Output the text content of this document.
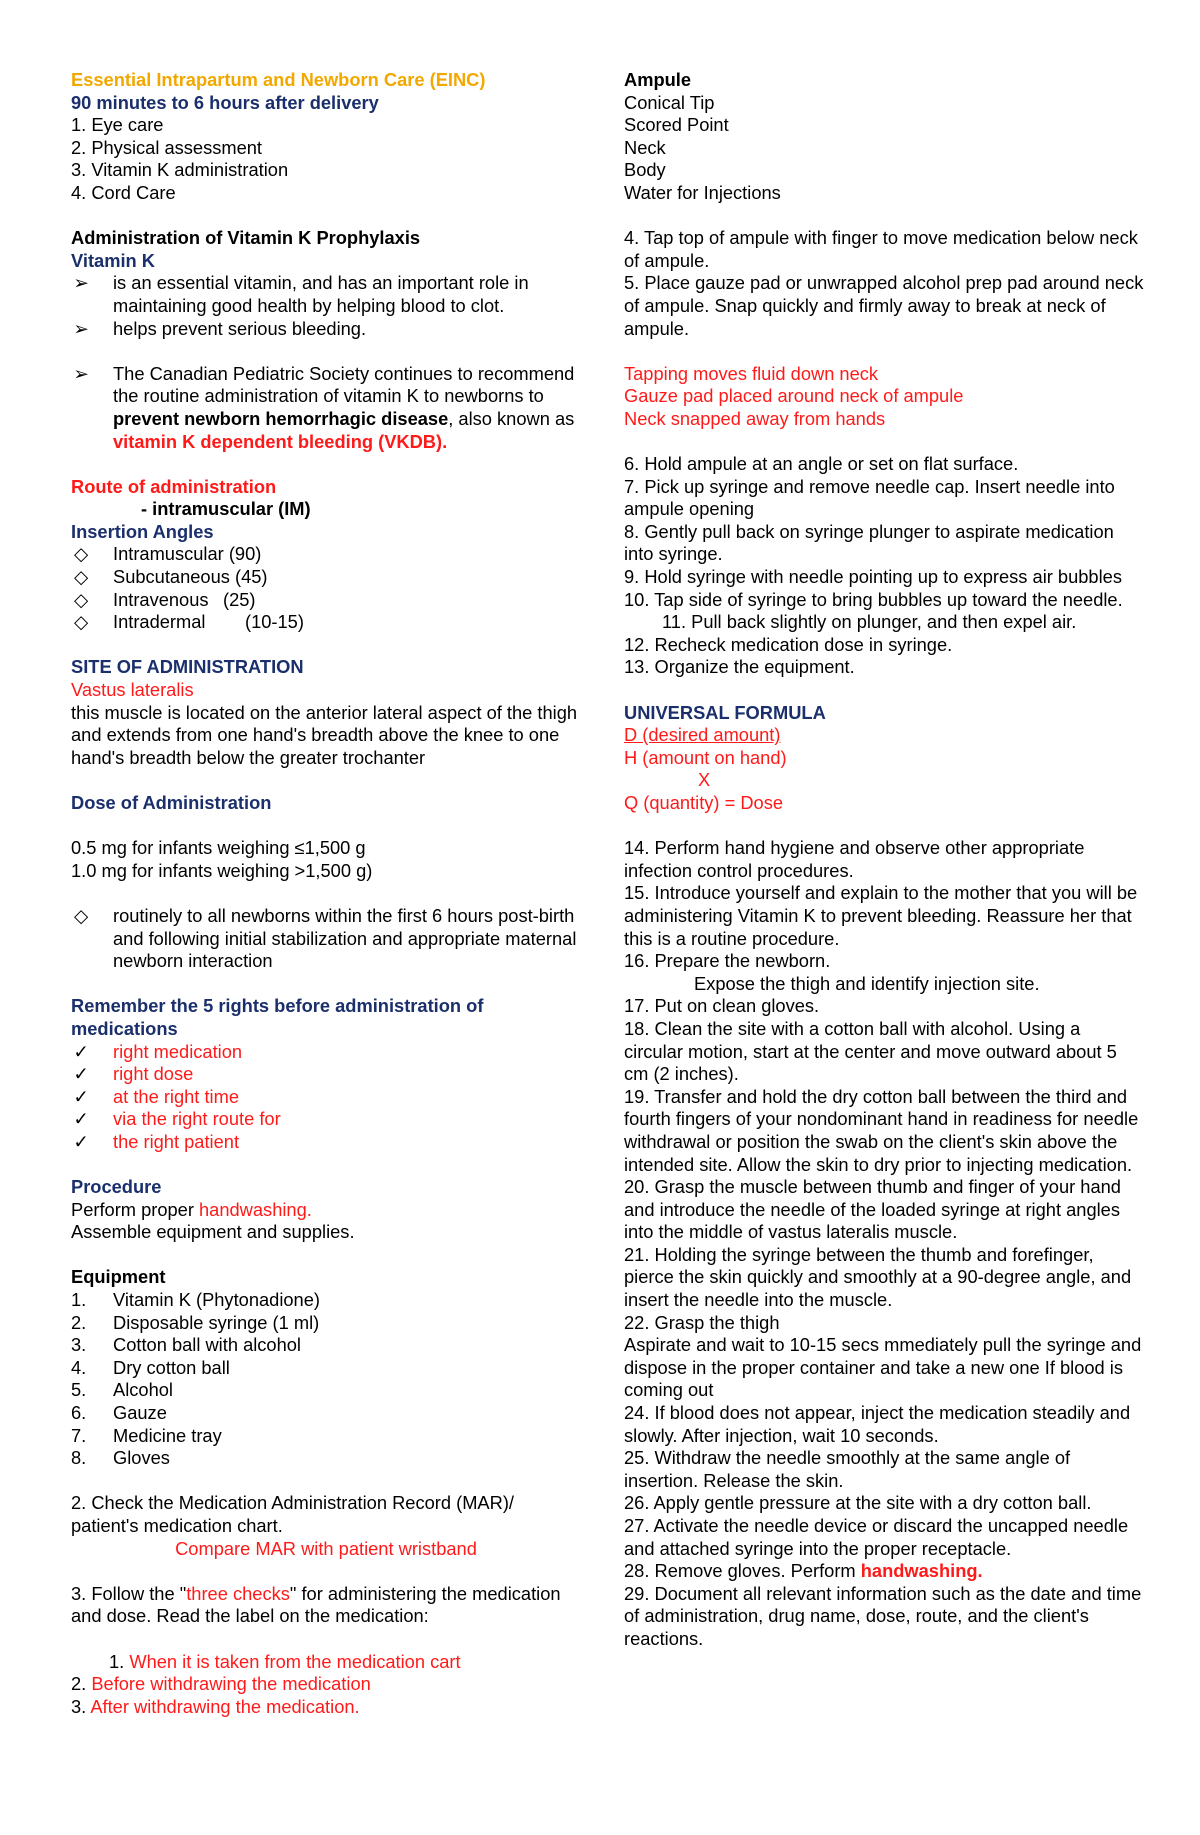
Essential Intrapartum and Newborn Care (EINC)

90 minutes to 6 hours after delivery

1. Eye care

2. Physical assessment

3. Vitamin K administration

4. Cord Care

Administration of Vitamin K Prophylaxis

Vitamin K

➢ is an essential vitamin, and has an important role in maintaining good health by helping blood to clot.
➢ helps prevent serious bleeding.
➢ The Canadian Pediatric Society continues to recommend the routine administration of vitamin K to newborns to prevent newborn hemorrhagic disease, also known as vitamin K dependent bleeding (VKDB).

Route of administration

- intramuscular (IM)

Insertion Angles

◇ Intramuscular (90)
◇ Subcutaneous (45)
◇ Intravenous (25)
◇ Intradermal (10-15)

SITE OF ADMINISTRATION

Vastus lateralis

this muscle is located on the anterior lateral aspect of the thigh and extends from one hand's breadth above the knee to one hand's breadth below the greater trochanter

Dose of Administration

0.5 mg for infants weighing ≤1,500 g

1.0 mg for infants weighing >1,500 g)

◇ routinely to all newborns within the first 6 hours post-birth and following initial stabilization and appropriate maternal newborn interaction

Remember the 5 rights before administration of medications

✓ right medication
✓ right dose
✓ at the right time
✓ via the right route for
✓ the right patient

Procedure

Perform proper handwashing.

Assemble equipment and supplies.

Equipment

1. Vitamin K (Phytonadione)
2. Disposable syringe (1 ml)
3. Cotton ball with alcohol
4. Dry cotton ball
5. Alcohol
6. Gauze
7. Medicine tray
8. Gloves

2. Check the Medication Administration Record (MAR)/ patient's medication chart.

Compare MAR with patient wristband

3. Follow the "three checks" for administering the medication and dose. Read the label on the medication:

1. When it is taken from the medication cart

2. Before withdrawing the medication

3. After withdrawing the medication.

Ampule

Conical Tip

Scored Point

Neck

Body

Water for Injections

4. Tap top of ampule with finger to move medication below neck of ampule.

5. Place gauze pad or unwrapped alcohol prep pad around neck of ampule. Snap quickly and firmly away to break at neck of ampule.

Tapping moves fluid down neck

Gauze pad placed around neck of ampule

Neck snapped away from hands

6. Hold ampule at an angle or set on flat surface.

7. Pick up syringe and remove needle cap. Insert needle into ampule opening

8. Gently pull back on syringe plunger to aspirate medication into syringe.

9. Hold syringe with needle pointing up to express air bubbles

10. Tap side of syringe to bring bubbles up toward the needle.

11. Pull back slightly on plunger, and then expel air.

12. Recheck medication dose in syringe.

13. Organize the equipment.

UNIVERSAL FORMULA

D (desired amount)

H (amount on hand)

X

Q (quantity) = Dose

14. Perform hand hygiene and observe other appropriate infection control procedures.

15. Introduce yourself and explain to the mother that you will be administering Vitamin K to prevent bleeding. Reassure her that this is a routine procedure.

16. Prepare the newborn.

Expose the thigh and identify injection site.

17. Put on clean gloves.

18. Clean the site with a cotton ball with alcohol. Using a circular motion, start at the center and move outward about 5 cm (2 inches).

19. Transfer and hold the dry cotton ball between the third and fourth fingers of your nondominant hand in readiness for needle withdrawal or position the swab on the client's skin above the intended site. Allow the skin to dry prior to injecting medication.

20. Grasp the muscle between thumb and finger of your hand and introduce the needle of the loaded syringe at right angles into the middle of vastus lateralis muscle.

21. Holding the syringe between the thumb and forefinger, pierce the skin quickly and smoothly at a 90-degree angle, and insert the needle into the muscle.

22. Grasp the thigh

Aspirate and wait to 10-15 secs mmediately pull the syringe and dispose in the proper container and take a new one If blood is coming out

24. If blood does not appear, inject the medication steadily and slowly. After injection, wait 10 seconds.

25. Withdraw the needle smoothly at the same angle of insertion. Release the skin.

26. Apply gentle pressure at the site with a dry cotton ball.

27. Activate the needle device or discard the uncapped needle and attached syringe into the proper receptacle.

28. Remove gloves. Perform handwashing.

29. Document all relevant information such as the date and time of administration, drug name, dose, route, and the client's reactions.
